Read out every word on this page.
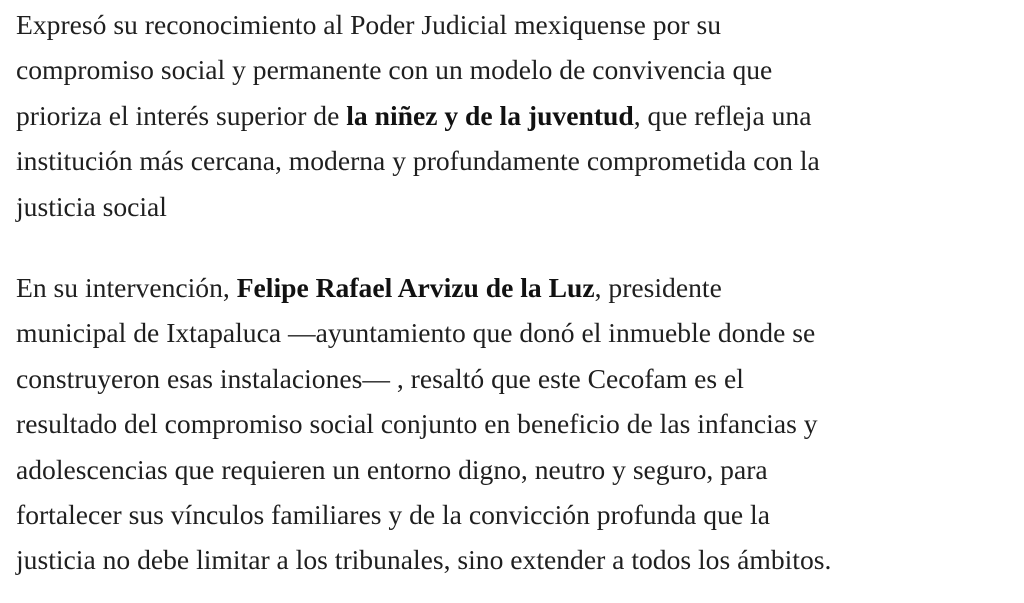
Expresó su reconocimiento al Poder Judicial mexiquense por su
compromiso social y permanente con un modelo de convivencia que
prioriza el interés superior de la niñez y de la juventud, que refleja una
institución más cercana, moderna y profundamente comprometida con la
justicia social

En su intervención, Felipe Rafael Arvizu de la Luz, presidente
municipal de Ixtapaluca —ayuntamiento que donó el inmueble donde se
construyeron esas instalaciones— , resaltó que este Cecofam es el
resultado del compromiso social conjunto en beneficio de las infancias y
adolescencias que requieren un entorno digno, neutro y seguro, para
fortalecer sus vínculos familiares y de la convicción profunda que la
justicia no debe limitar a los tribunales, sino extender a todos los ámbitos.
